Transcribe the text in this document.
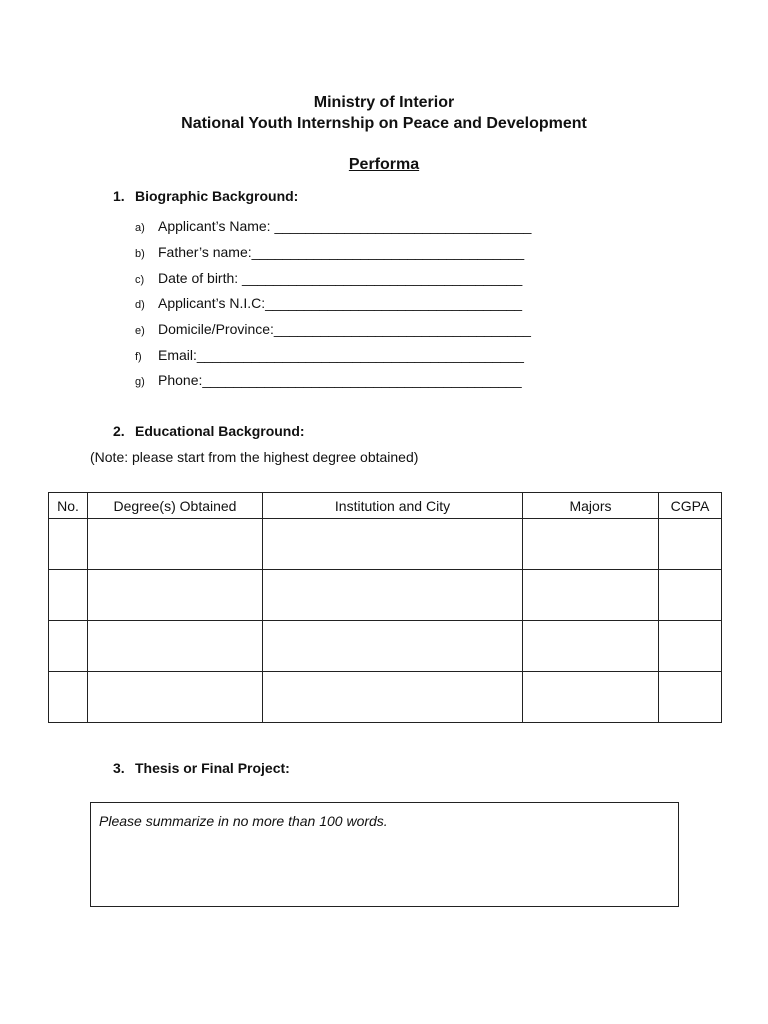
Ministry of Interior
National Youth Internship on Peace and Development
Performa
1. Biographic Background:
a) Applicant’s Name: _________________________________
b) Father’s name:___________________________________
c) Date of birth: ____________________________________
d) Applicant’s N.I.C:_________________________________
e) Domicile/Province:_________________________________
f) Email:__________________________________________
g) Phone:_________________________________________
2. Educational Background:
(Note: please start from the highest degree obtained)
No.	Degree(s) Obtained	Institution and City	Majors	CGPA

3. Thesis or Final Project:
Please summarize in no more than 100 words.
